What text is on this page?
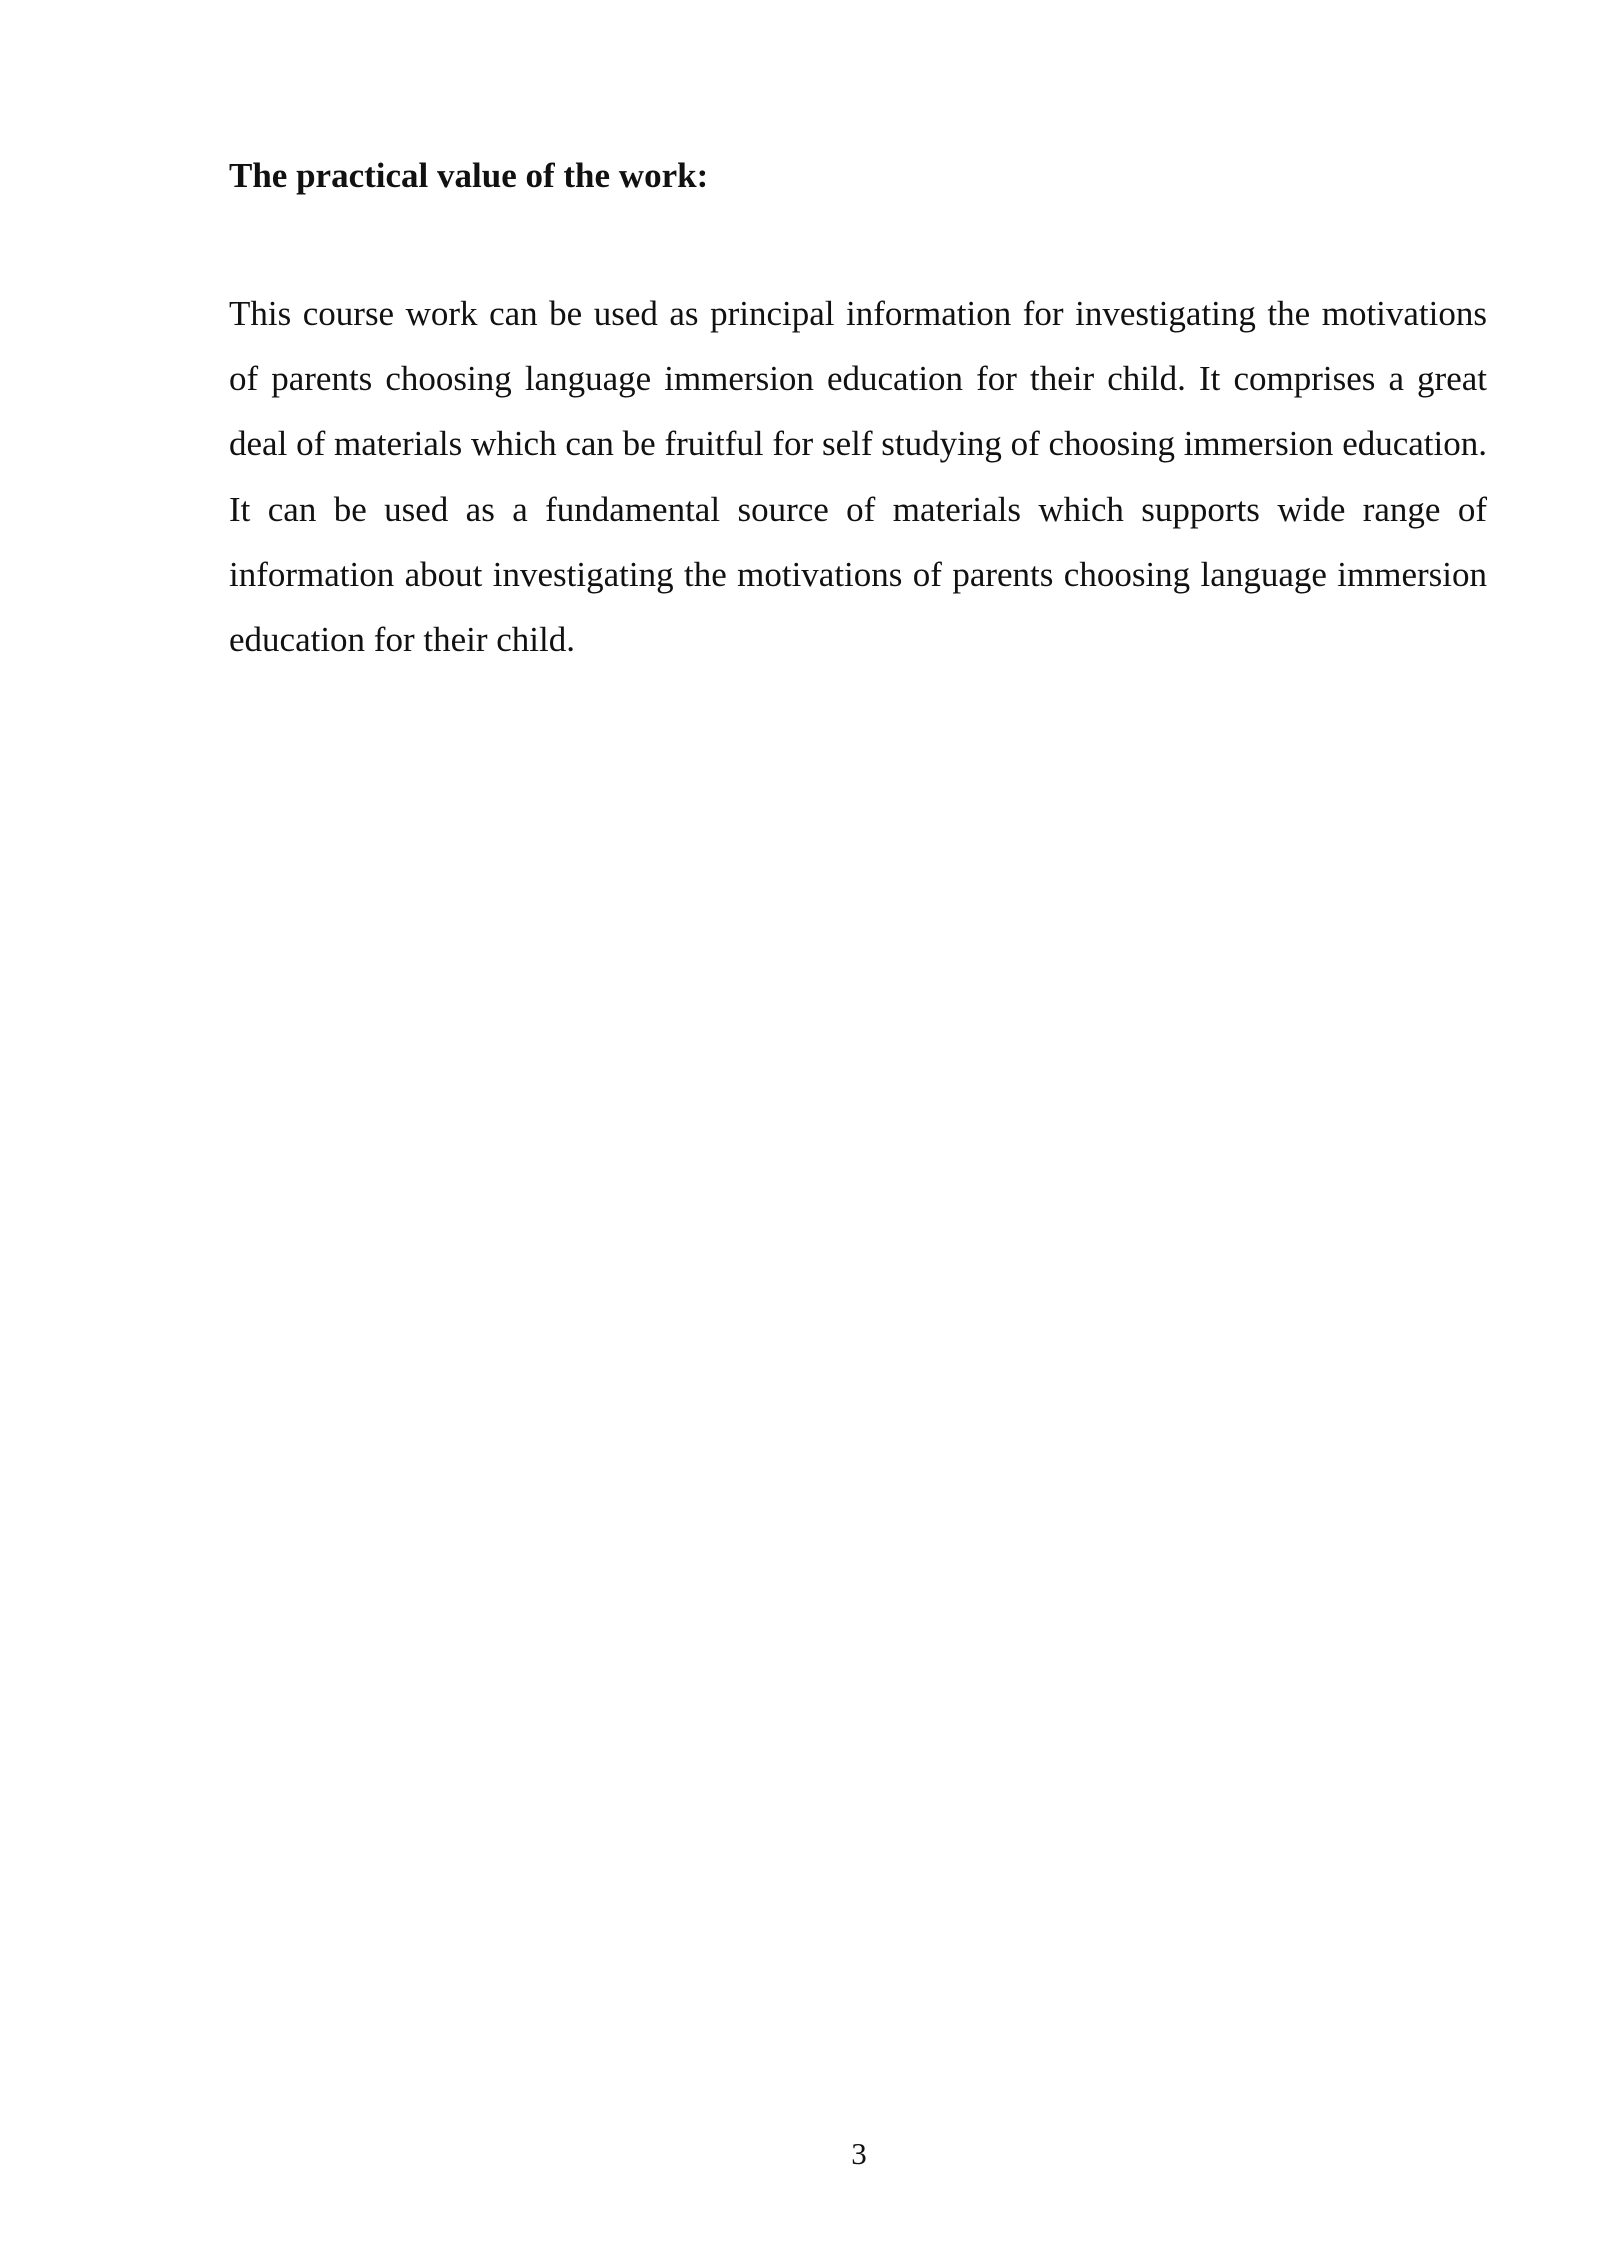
The practical value of the work:

This course work can be used as principal information for investigating the motivations of parents choosing language immersion education for their child. It comprises a great deal of materials which can be fruitful for self studying of choosing immersion education. It can be used as a fundamental source of materials which supports wide range of information about investigating the motivations of parents choosing language immersion education for their child.

3
